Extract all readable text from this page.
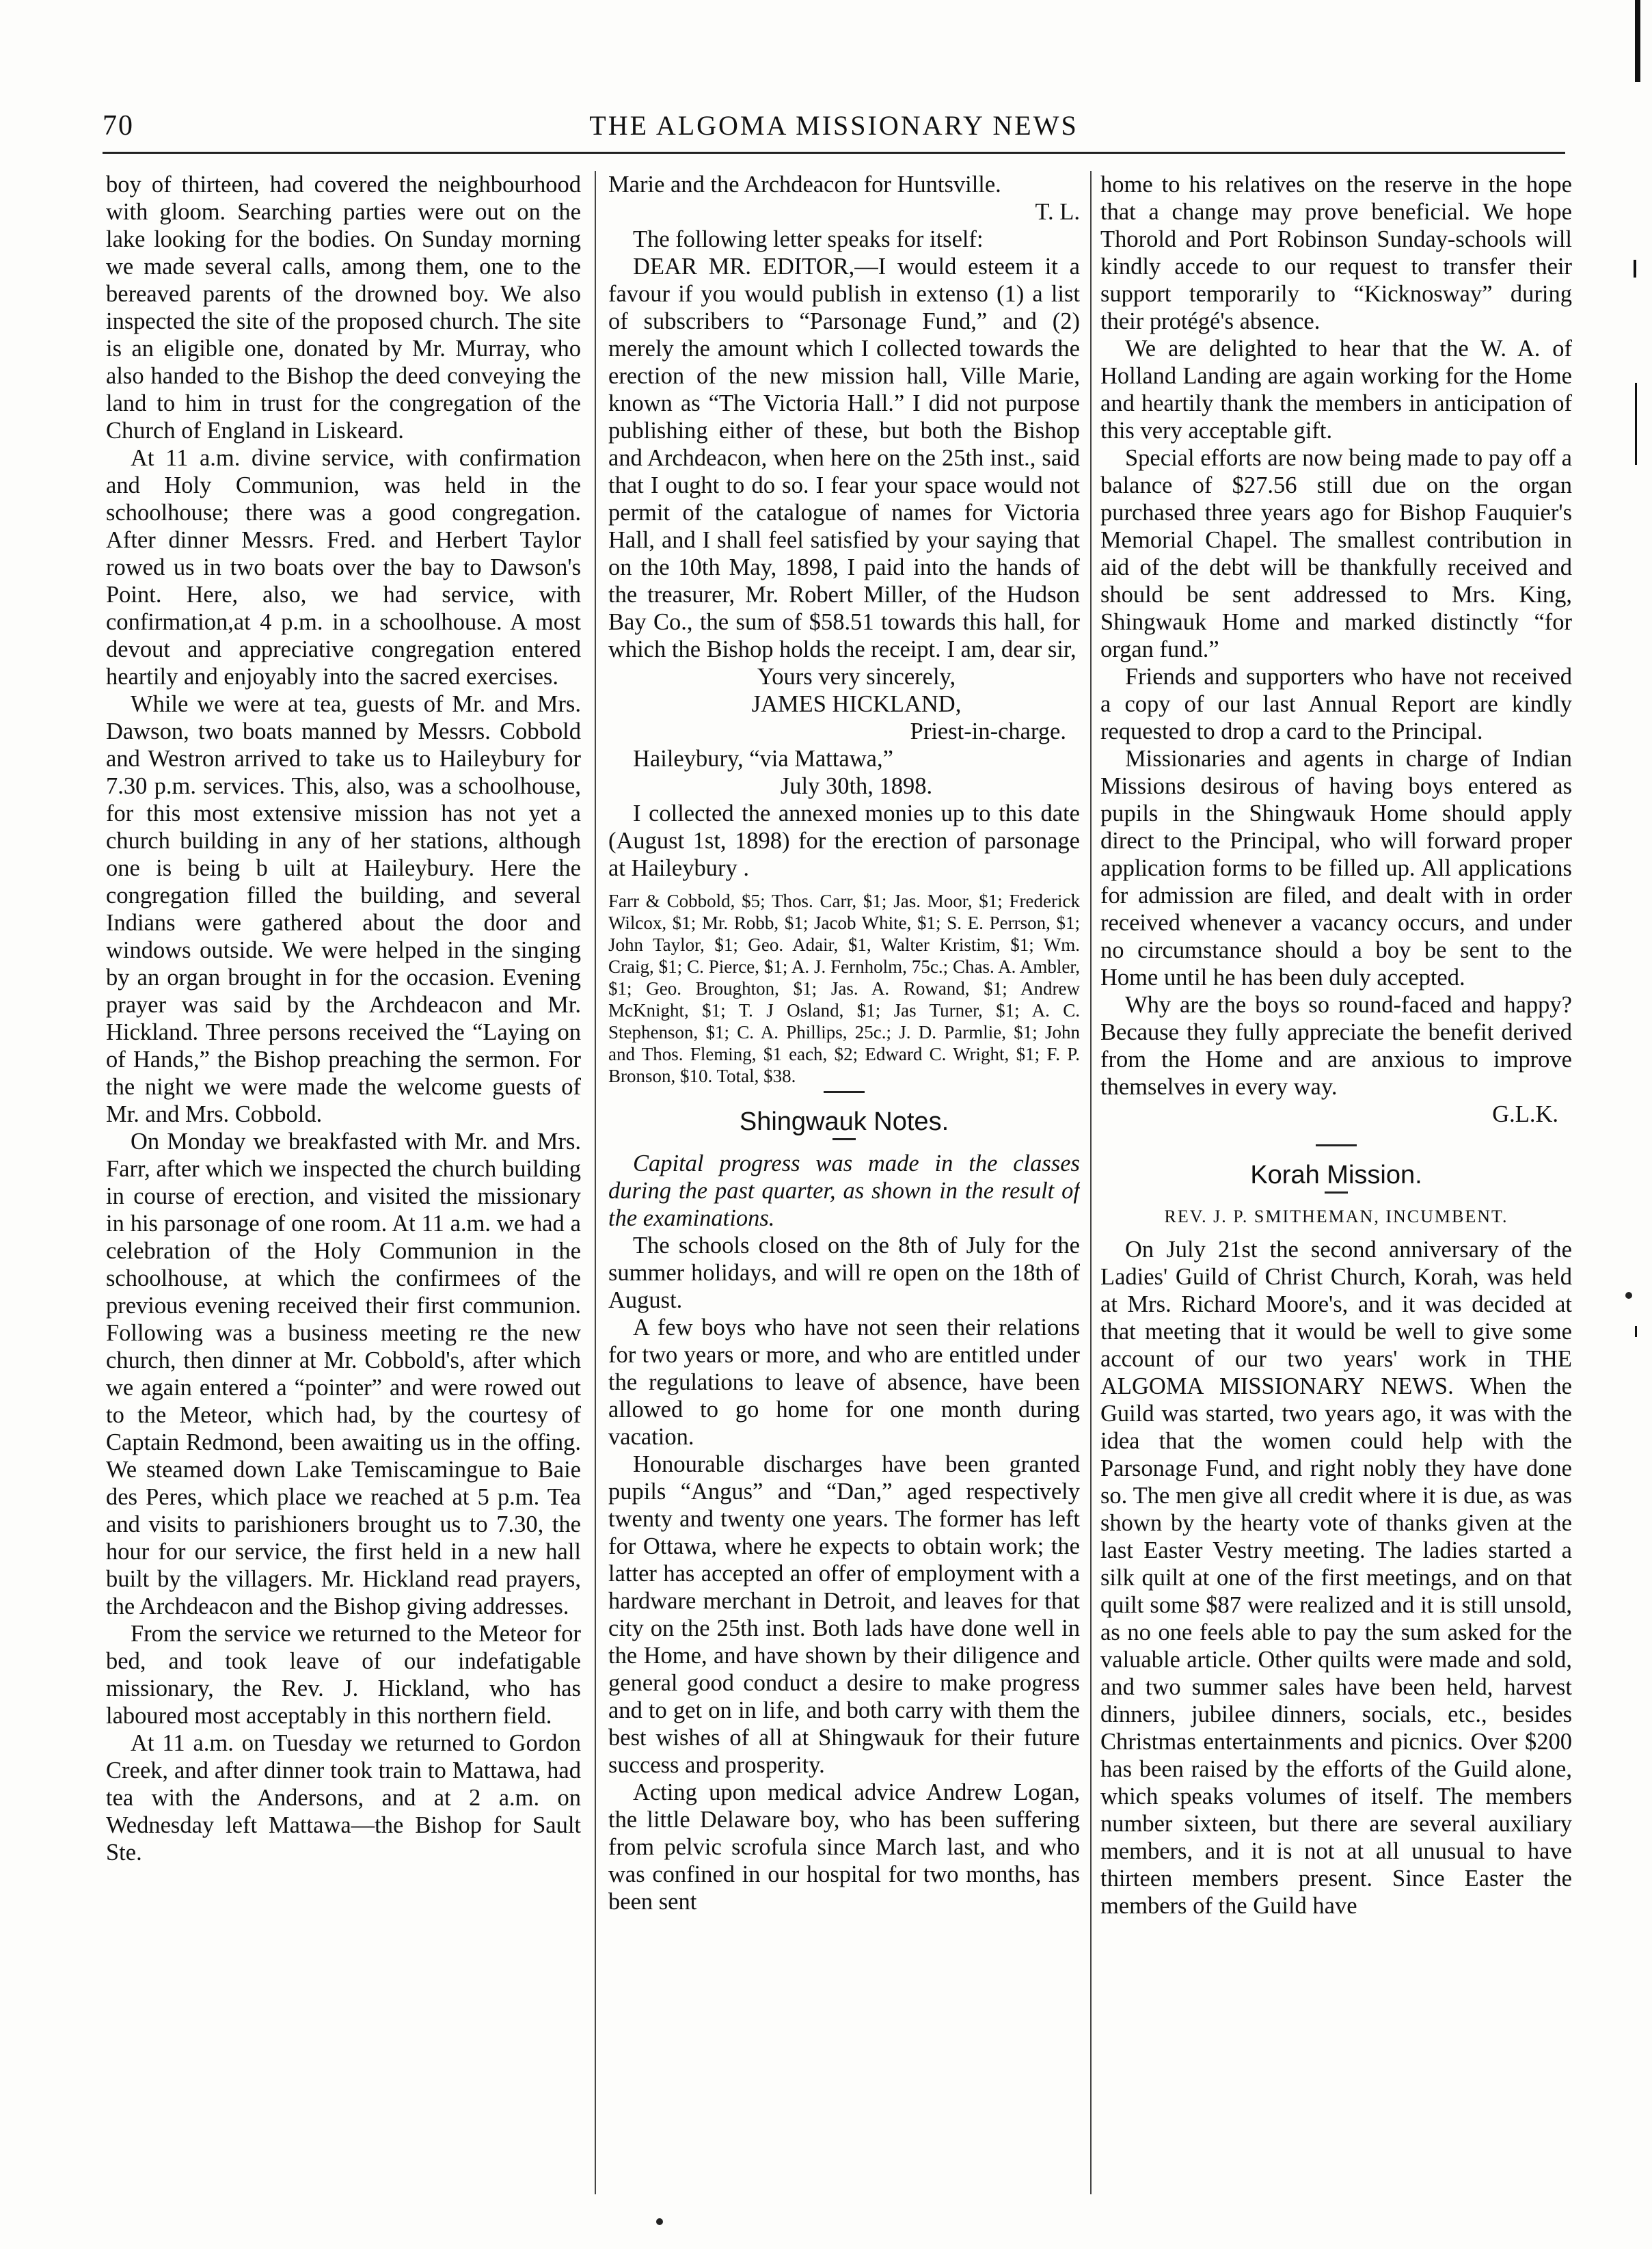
70	THE ALGOMA MISSIONARY NEWS

boy of thirteen, had covered the neighbourhood with gloom. Searching parties were out on the lake looking for the bodies. On Sunday morning we made several calls, among them, one to the bereaved parents of the drowned boy. We also inspected the site of the proposed church. The site is an eligible one, donated by Mr. Murray, who also handed to the Bishop the deed conveying the land to him in trust for the congregation of the Church of England in Liskeard.

At 11 a.m. divine service, with confirmation and Holy Communion, was held in the schoolhouse; there was a good congregation. After dinner Messrs. Fred. and Herbert Taylor rowed us in two boats over the bay to Dawson's Point. Here, also, we had service, with confirmation,at 4 p.m. in a schoolhouse. A most devout and appreciative congregation entered heartily and enjoyably into the sacred exercises.

While we were at tea, guests of Mr. and Mrs. Dawson, two boats manned by Messrs. Cobbold and Westron arrived to take us to Haileybury for 7.30 p.m. services. This, also, was a schoolhouse, for this most extensive mission has not yet a church building in any of her stations, although one is being b uilt at Haileybury. Here the congregation filled the building, and several Indians were gathered about the door and windows outside. We were helped in the singing by an organ brought in for the occasion. Evening prayer was said by the Archdeacon and Mr. Hickland. Three persons received the “Laying on of Hands,” the Bishop preaching the sermon. For the night we were made the welcome guests of Mr. and Mrs. Cobbold.

On Monday we breakfasted with Mr. and Mrs. Farr, after which we inspected the church building in course of erection, and visited the missionary in his parsonage of one room. At 11 a.m. we had a celebration of the Holy Communion in the schoolhouse, at which the confirmees of the previous evening received their first communion. Following was a business meeting re the new church, then dinner at Mr. Cobbold's, after which we again entered a “pointer” and were rowed out to the Meteor, which had, by the courtesy of Captain Redmond, been awaiting us in the offing. We steamed down Lake Temiscamingue to Baie des Peres, which place we reached at 5 p.m. Tea and visits to parishioners brought us to 7.30, the hour for our service, the first held in a new hall built by the villagers. Mr. Hickland read prayers, the Archdeacon and the Bishop giving addresses.

From the service we returned to the Meteor for bed, and took leave of our indefatigable missionary, the Rev. J. Hickland, who has laboured most acceptably in this northern field.

At 11 a.m. on Tuesday we returned to Gordon Creek, and after dinner took train to Mattawa, had tea with the Andersons, and at 2 a.m. on Wednesday left Mattawa—the Bishop for Sault Ste.

Marie and the Archdeacon for Huntsville.

T. L.

The following letter speaks for itself:

DEAR MR. EDITOR,—I would esteem it a favour if you would publish in extenso (1) a list of subscribers to “Parsonage Fund,” and (2) merely the amount which I collected towards the erection of the new mission hall, Ville Marie, known as “The Victoria Hall.” I did not purpose publishing either of these, but both the Bishop and Archdeacon, when here on the 25th inst., said that I ought to do so. I fear your space would not permit of the catalogue of names for Victoria Hall, and I shall feel satisfied by your saying that on the 10th May, 1898, I paid into the hands of the treasurer, Mr. Robert Miller, of the Hudson Bay Co., the sum of $58.51 towards this hall, for which the Bishop holds the receipt. I am, dear sir,

Yours very sincerely,

JAMES HICKLAND,

Priest-in-charge.

Haileybury, “via Mattawa,”

July 30th, 1898.

I collected the annexed monies up to this date (August 1st, 1898) for the erection of parsonage at Haileybury .

Farr & Cobbold, $5; Thos. Carr, $1; Jas. Moor, $1; Frederick Wilcox, $1; Mr. Robb, $1; Jacob White, $1; S. E. Perrson, $1; John Taylor, $1; Geo. Adair, $1, Walter Kristim, $1; Wm. Craig, $1; C. Pierce, $1; A. J. Fernholm, 75c.; Chas. A. Ambler, $1; Geo. Broughton, $1; Jas. A. Rowand, $1; Andrew McKnight, $1; T. J Osland, $1; Jas Turner, $1; A. C. Stephenson, $1; C. A. Phillips, 25c.; J. D. Parmlie, $1; John and Thos. Fleming, $1 each, $2; Edward C. Wright, $1; F. P. Bronson, $10. Total, $38.

Shingwauk Notes.

Capital progress was made in the classes during the past quarter, as shown in the result of the examinations.

The schools closed on the 8th of July for the summer holidays, and will re open on the 18th of August.

A few boys who have not seen their relations for two years or more, and who are entitled under the regulations to leave of absence, have been allowed to go home for one month during vacation.

Honourable discharges have been granted pupils “Angus” and “Dan,” aged respectively twenty and twenty one years. The former has left for Ottawa, where he expects to obtain work; the latter has accepted an offer of employment with a hardware merchant in Detroit, and leaves for that city on the 25th inst. Both lads have done well in the Home, and have shown by their diligence and general good conduct a desire to make progress and to get on in life, and both carry with them the best wishes of all at Shingwauk for their future success and prosperity.

Acting upon medical advice Andrew Logan, the little Delaware boy, who has been suffering from pelvic scrofula since March last, and who was confined in our hospital for two months, has been sent

home to his relatives on the reserve in the hope that a change may prove beneficial. We hope Thorold and Port Robinson Sunday-schools will kindly accede to our request to transfer their support temporarily to “Kicknosway” during their protégé's absence.

We are delighted to hear that the W. A. of Holland Landing are again working for the Home and heartily thank the members in anticipation of this very acceptable gift.

Special efforts are now being made to pay off a balance of $27.56 still due on the organ purchased three years ago for Bishop Fauquier's Memorial Chapel. The smallest contribution in aid of the debt will be thankfully received and should be sent addressed to Mrs. King, Shingwauk Home and marked distinctly “for organ fund.”

Friends and supporters who have not received a copy of our last Annual Report are kindly requested to drop a card to the Principal.

Missionaries and agents in charge of Indian Missions desirous of having boys entered as pupils in the Shingwauk Home should apply direct to the Principal, who will forward proper application forms to be filled up. All applications for admission are filed, and dealt with in order received whenever a vacancy occurs, and under no circumstance should a boy be sent to the Home until he has been duly accepted.

Why are the boys so round-faced and happy? Because they fully appreciate the benefit derived from the Home and are anxious to improve themselves in every way.

G.L.K.

Korah Mission.
REV. J. P. SMITHEMAN, INCUMBENT.

On July 21st the second anniversary of the Ladies' Guild of Christ Church, Korah, was held at Mrs. Richard Moore's, and it was decided at that meeting that it would be well to give some account of our two years' work in THE ALGOMA MISSIONARY NEWS. When the Guild was started, two years ago, it was with the idea that the women could help with the Parsonage Fund, and right nobly they have done so. The men give all credit where it is due, as was shown by the hearty vote of thanks given at the last Easter Vestry meeting. The ladies started a silk quilt at one of the first meetings, and on that quilt some $87 were realized and it is still unsold, as no one feels able to pay the sum asked for the valuable article. Other quilts were made and sold, and two summer sales have been held, harvest dinners, jubilee dinners, socials, etc., besides Christmas entertainments and picnics. Over $200 has been raised by the efforts of the Guild alone, which speaks volumes of itself. The members number sixteen, but there are several auxiliary members, and it is not at all unusual to have thirteen members present. Since Easter the members of the Guild have
